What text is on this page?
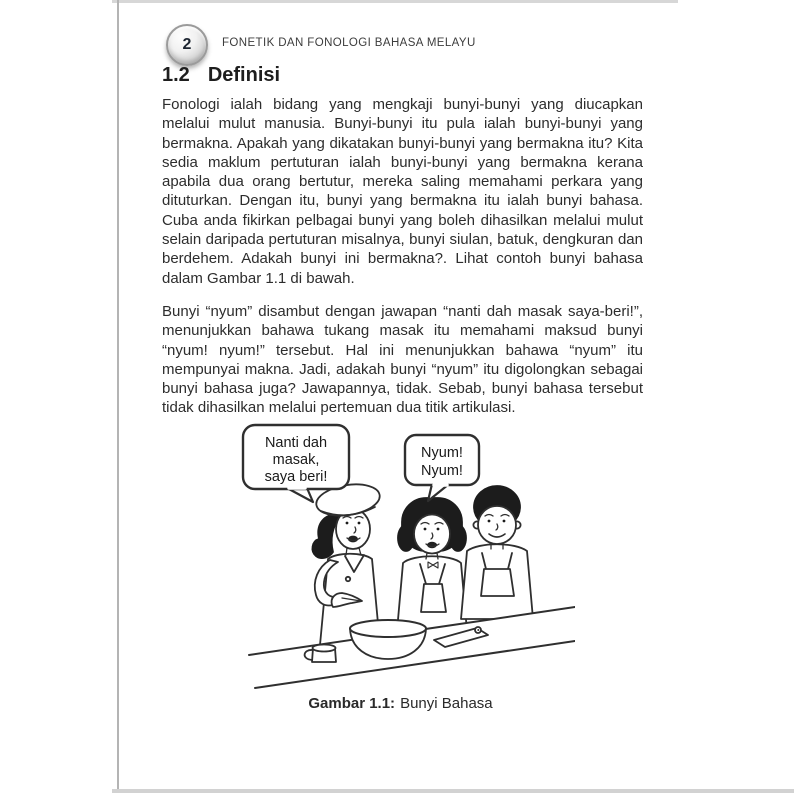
2	FONETIK DAN FONOLOGI BAHASA MELAYU
1.2 Definisi

Fonologi ialah bidang yang mengkaji bunyi-bunyi yang diucapkan melalui mulut manusia. Bunyi-bunyi itu pula ialah bunyi-bunyi yang bermakna. Apakah yang dikatakan bunyi-bunyi yang bermakna itu? Kita sedia maklum pertuturan ialah bunyi-bunyi yang bermakna kerana apabila dua orang bertutur, mereka saling memahami perkara yang dituturkan. Dengan itu, bunyi yang bermakna itu ialah bunyi bahasa. Cuba anda fikirkan pelbagai bunyi yang boleh dihasilkan melalui mulut selain daripada pertuturan misalnya, bunyi siulan, batuk, dengkuran dan berdehem. Adakah bunyi ini bermakna?. Lihat contoh bunyi bahasa dalam Gambar 1.1 di bawah.

Bunyi “nyum” disambut dengan jawapan “nanti dah masak saya-beri!”, menunjukkan bahawa tukang masak itu memahami maksud bunyi “nyum! nyum!” tersebut. Hal ini menunjukkan bahawa “nyum” itu mempunyai makna. Jadi, adakah bunyi “nyum” itu digolongkan sebagai bunyi bahasa juga? Jawapannya, tidak. Sebab, bunyi bahasa tersebut tidak dihasilkan melalui pertemuan dua titik artikulasi.

Nanti dah
masak,
saya beri!
Nyum!
Nyum!
Gambar 1.1: Bunyi Bahasa
